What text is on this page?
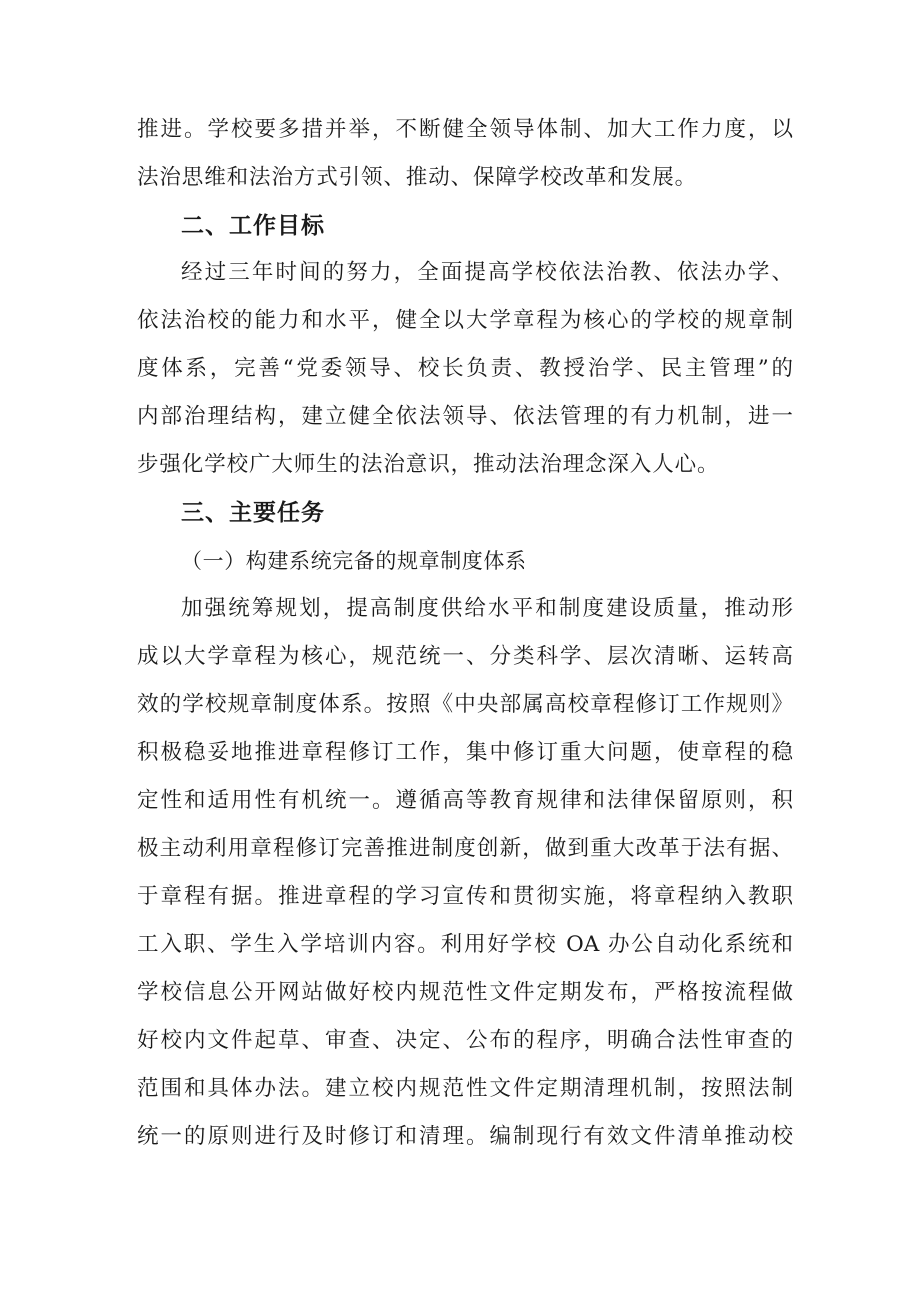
推进。学校要多措并举，不断健全领导体制、加大工作力度，以
法治思维和法治方式引领、推动、保障学校改革和发展。
二、工作目标
经过三年时间的努力，全面提高学校依法治教、依法办学、
依法治校的能力和水平，健全以大学章程为核心的学校的规章制
度体系，完善“党委领导、校长负责、教授治学、民主管理”的
内部治理结构，建立健全依法领导、依法管理的有力机制，进一
步强化学校广大师生的法治意识，推动法治理念深入人心。
三、主要任务
（一）构建系统完备的规章制度体系
加强统筹规划，提高制度供给水平和制度建设质量，推动形
成以大学章程为核心，规范统一、分类科学、层次清晰、运转高
效的学校规章制度体系。按照《中央部属高校章程修订工作规则》
积极稳妥地推进章程修订工作，集中修订重大问题，使章程的稳
定性和适用性有机统一。遵循高等教育规律和法律保留原则，积
极主动利用章程修订完善推进制度创新，做到重大改革于法有据、
于章程有据。推进章程的学习宣传和贯彻实施，将章程纳入教职
工入职、学生入学培训内容。利用好学校 OA 办公自动化系统和
学校信息公开网站做好校内规范性文件定期发布，严格按流程做
好校内文件起草、审查、决定、公布的程序，明确合法性审查的
范围和具体办法。建立校内规范性文件定期清理机制，按照法制
统一的原则进行及时修订和清理。编制现行有效文件清单推动校
